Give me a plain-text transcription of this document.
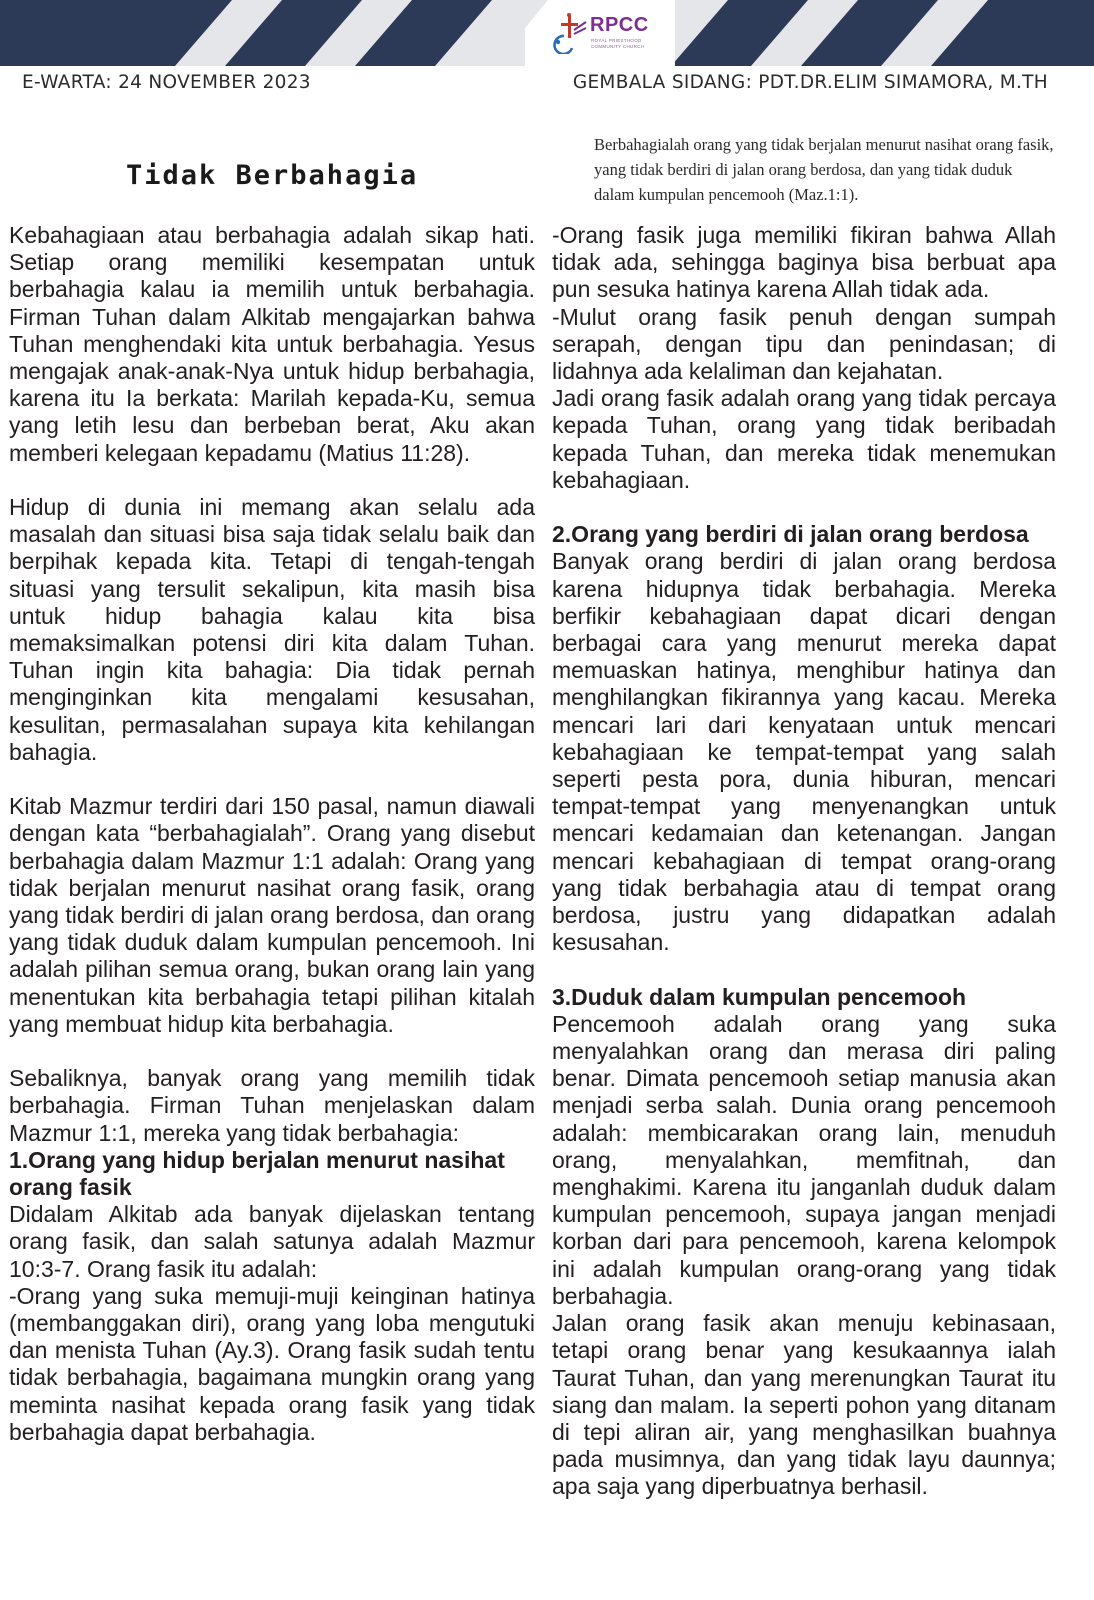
RPCC
ROYAL PRIESTHOOD COMMUNITY CHURCH
E-WARTA: 24 NOVEMBER 2023	GEMBALA SIDANG: PDT.DR.ELIM SIMAMORA, M.TH
Tidak Berbahagia
Berbahagialah orang yang tidak berjalan menurut nasihat orang fasik, yang tidak berdiri di jalan orang berdosa, dan yang tidak duduk dalam kumpulan pencemooh (Maz.1:1).

Kebahagiaan atau berbahagia adalah sikap hati. Setiap orang memiliki kesempatan untuk berbahagia kalau ia memilih untuk berbahagia. Firman Tuhan dalam Alkitab mengajarkan bahwa Tuhan menghendaki kita untuk berbahagia. Yesus mengajak anak-anak-Nya untuk hidup berbahagia, karena itu Ia berkata: Marilah kepada-Ku, semua yang letih lesu dan berbeban berat, Aku akan memberi kelegaan kepadamu (Matius 11:28).

Hidup di dunia ini memang akan selalu ada masalah dan situasi bisa saja tidak selalu baik dan berpihak kepada kita. Tetapi di tengah-tengah situasi yang tersulit sekalipun, kita masih bisa untuk hidup bahagia kalau kita bisa memaksimalkan potensi diri kita dalam Tuhan. Tuhan ingin kita bahagia: Dia tidak pernah menginginkan kita mengalami kesusahan, kesulitan, permasalahan supaya kita kehilangan bahagia.

Kitab Mazmur terdiri dari 150 pasal, namun diawali dengan kata “berbahagialah”. Orang yang disebut berbahagia dalam Mazmur 1:1 adalah: Orang yang tidak berjalan menurut nasihat orang fasik, orang yang tidak berdiri di jalan orang berdosa, dan orang yang tidak duduk dalam kumpulan pencemooh. Ini adalah pilihan semua orang, bukan orang lain yang menentukan kita berbahagia tetapi pilihan kitalah yang membuat hidup kita berbahagia.

Sebaliknya, banyak orang yang memilih tidak berbahagia. Firman Tuhan menjelaskan dalam Mazmur 1:1, mereka yang tidak berbahagia:

1.Orang yang hidup berjalan menurut nasihat orang fasik

Didalam Alkitab ada banyak dijelaskan tentang orang fasik, dan salah satunya adalah Mazmur 10:3-7. Orang fasik itu adalah:

-Orang yang suka memuji-muji keinginan hatinya (membanggakan diri), orang yang loba mengutuki dan menista Tuhan (Ay.3). Orang fasik sudah tentu tidak berbahagia, bagaimana mungkin orang yang meminta nasihat kepada orang fasik yang tidak berbahagia dapat berbahagia.

-Orang fasik juga memiliki fikiran bahwa Allah tidak ada, sehingga baginya bisa berbuat apa pun sesuka hatinya karena Allah tidak ada.

-Mulut orang fasik penuh dengan sumpah serapah, dengan tipu dan penindasan; di lidahnya ada kelaliman dan kejahatan.

Jadi orang fasik adalah orang yang tidak percaya kepada Tuhan, orang yang tidak beribadah kepada Tuhan, dan mereka tidak menemukan kebahagiaan.

2.Orang yang berdiri di jalan orang berdosa

Banyak orang berdiri di jalan orang berdosa karena hidupnya tidak berbahagia. Mereka berfikir kebahagiaan dapat dicari dengan berbagai cara yang menurut mereka dapat memuaskan hatinya, menghibur hatinya dan menghilangkan fikirannya yang kacau. Mereka mencari lari dari kenyataan untuk mencari kebahagiaan ke tempat-tempat yang salah seperti pesta pora, dunia hiburan, mencari tempat-tempat yang menyenangkan untuk mencari kedamaian dan ketenangan. Jangan mencari kebahagiaan di tempat orang-orang yang tidak berbahagia atau di tempat orang berdosa, justru yang didapatkan adalah kesusahan.

3.Duduk dalam kumpulan pencemooh

Pencemooh adalah orang yang suka menyalahkan orang dan merasa diri paling benar. Dimata pencemooh setiap manusia akan menjadi serba salah. Dunia orang pencemooh adalah: membicarakan orang lain, menuduh orang, menyalahkan, memfitnah, dan menghakimi. Karena itu janganlah duduk dalam kumpulan pencemooh, supaya jangan menjadi korban dari para pencemooh, karena kelompok ini adalah kumpulan orang-orang yang tidak berbahagia.

Jalan orang fasik akan menuju kebinasaan, tetapi orang benar yang kesukaannya ialah Taurat Tuhan, dan yang merenungkan Taurat itu siang dan malam. Ia seperti pohon yang ditanam di tepi aliran air, yang menghasilkan buahnya pada musimnya, dan yang tidak layu daunnya; apa saja yang diperbuatnya berhasil.
